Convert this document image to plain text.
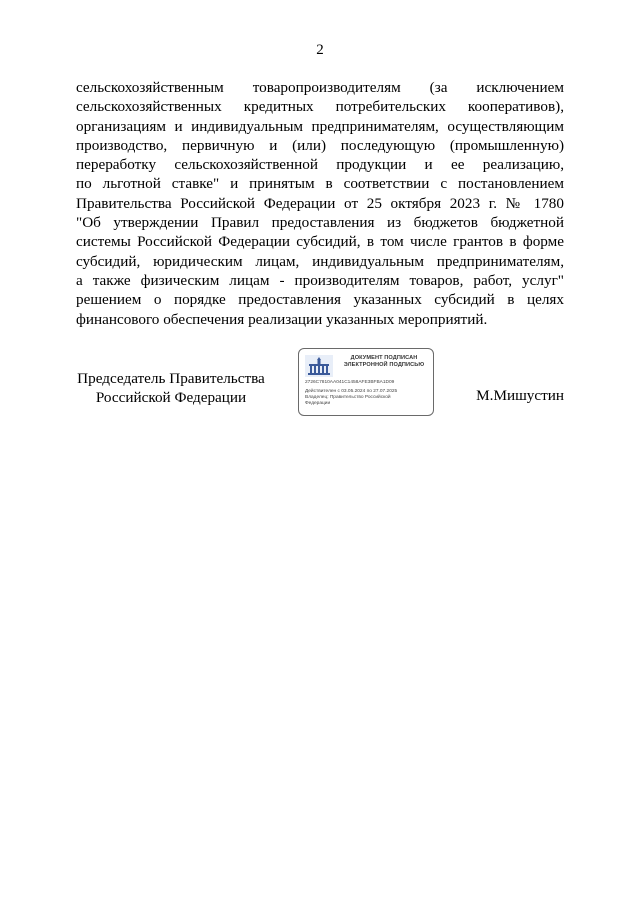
2
сельскохозяйственным товаропроизводителям (за исключением
сельскохозяйственных кредитных потребительских кооперативов),
организациям и индивидуальным предпринимателям, осуществляющим
производство, первичную и (или) последующую (промышленную)
переработку сельскохозяйственной продукции и ее реализацию,
по льготной ставке" и принятым в соответствии с постановлением
Правительства Российской Федерации от 25 октября 2023 г. № 1780
"Об утверждении Правил предоставления из бюджетов бюджетной
системы Российской Федерации субсидий, в том числе грантов в форме
субсидий, юридическим лицам, индивидуальным предпринимателям,
а также физическим лицам - производителям товаров, работ, услуг"
решением о порядке предоставления указанных субсидий в целях
финансового обеспечения реализации указанных мероприятий.
Председатель Правительства
Российской Федерации
ДОКУМЕНТ ПОДПИСАН
ЭЛЕКТРОННОЙ ПОДПИСЬЮ
2726C7810AA041C1458AFE3BFBA1D09
Действителен с 03.05.2024 по 27.07.2025
Владелец: Правительство Российской
Федерации	М.Мишустин
